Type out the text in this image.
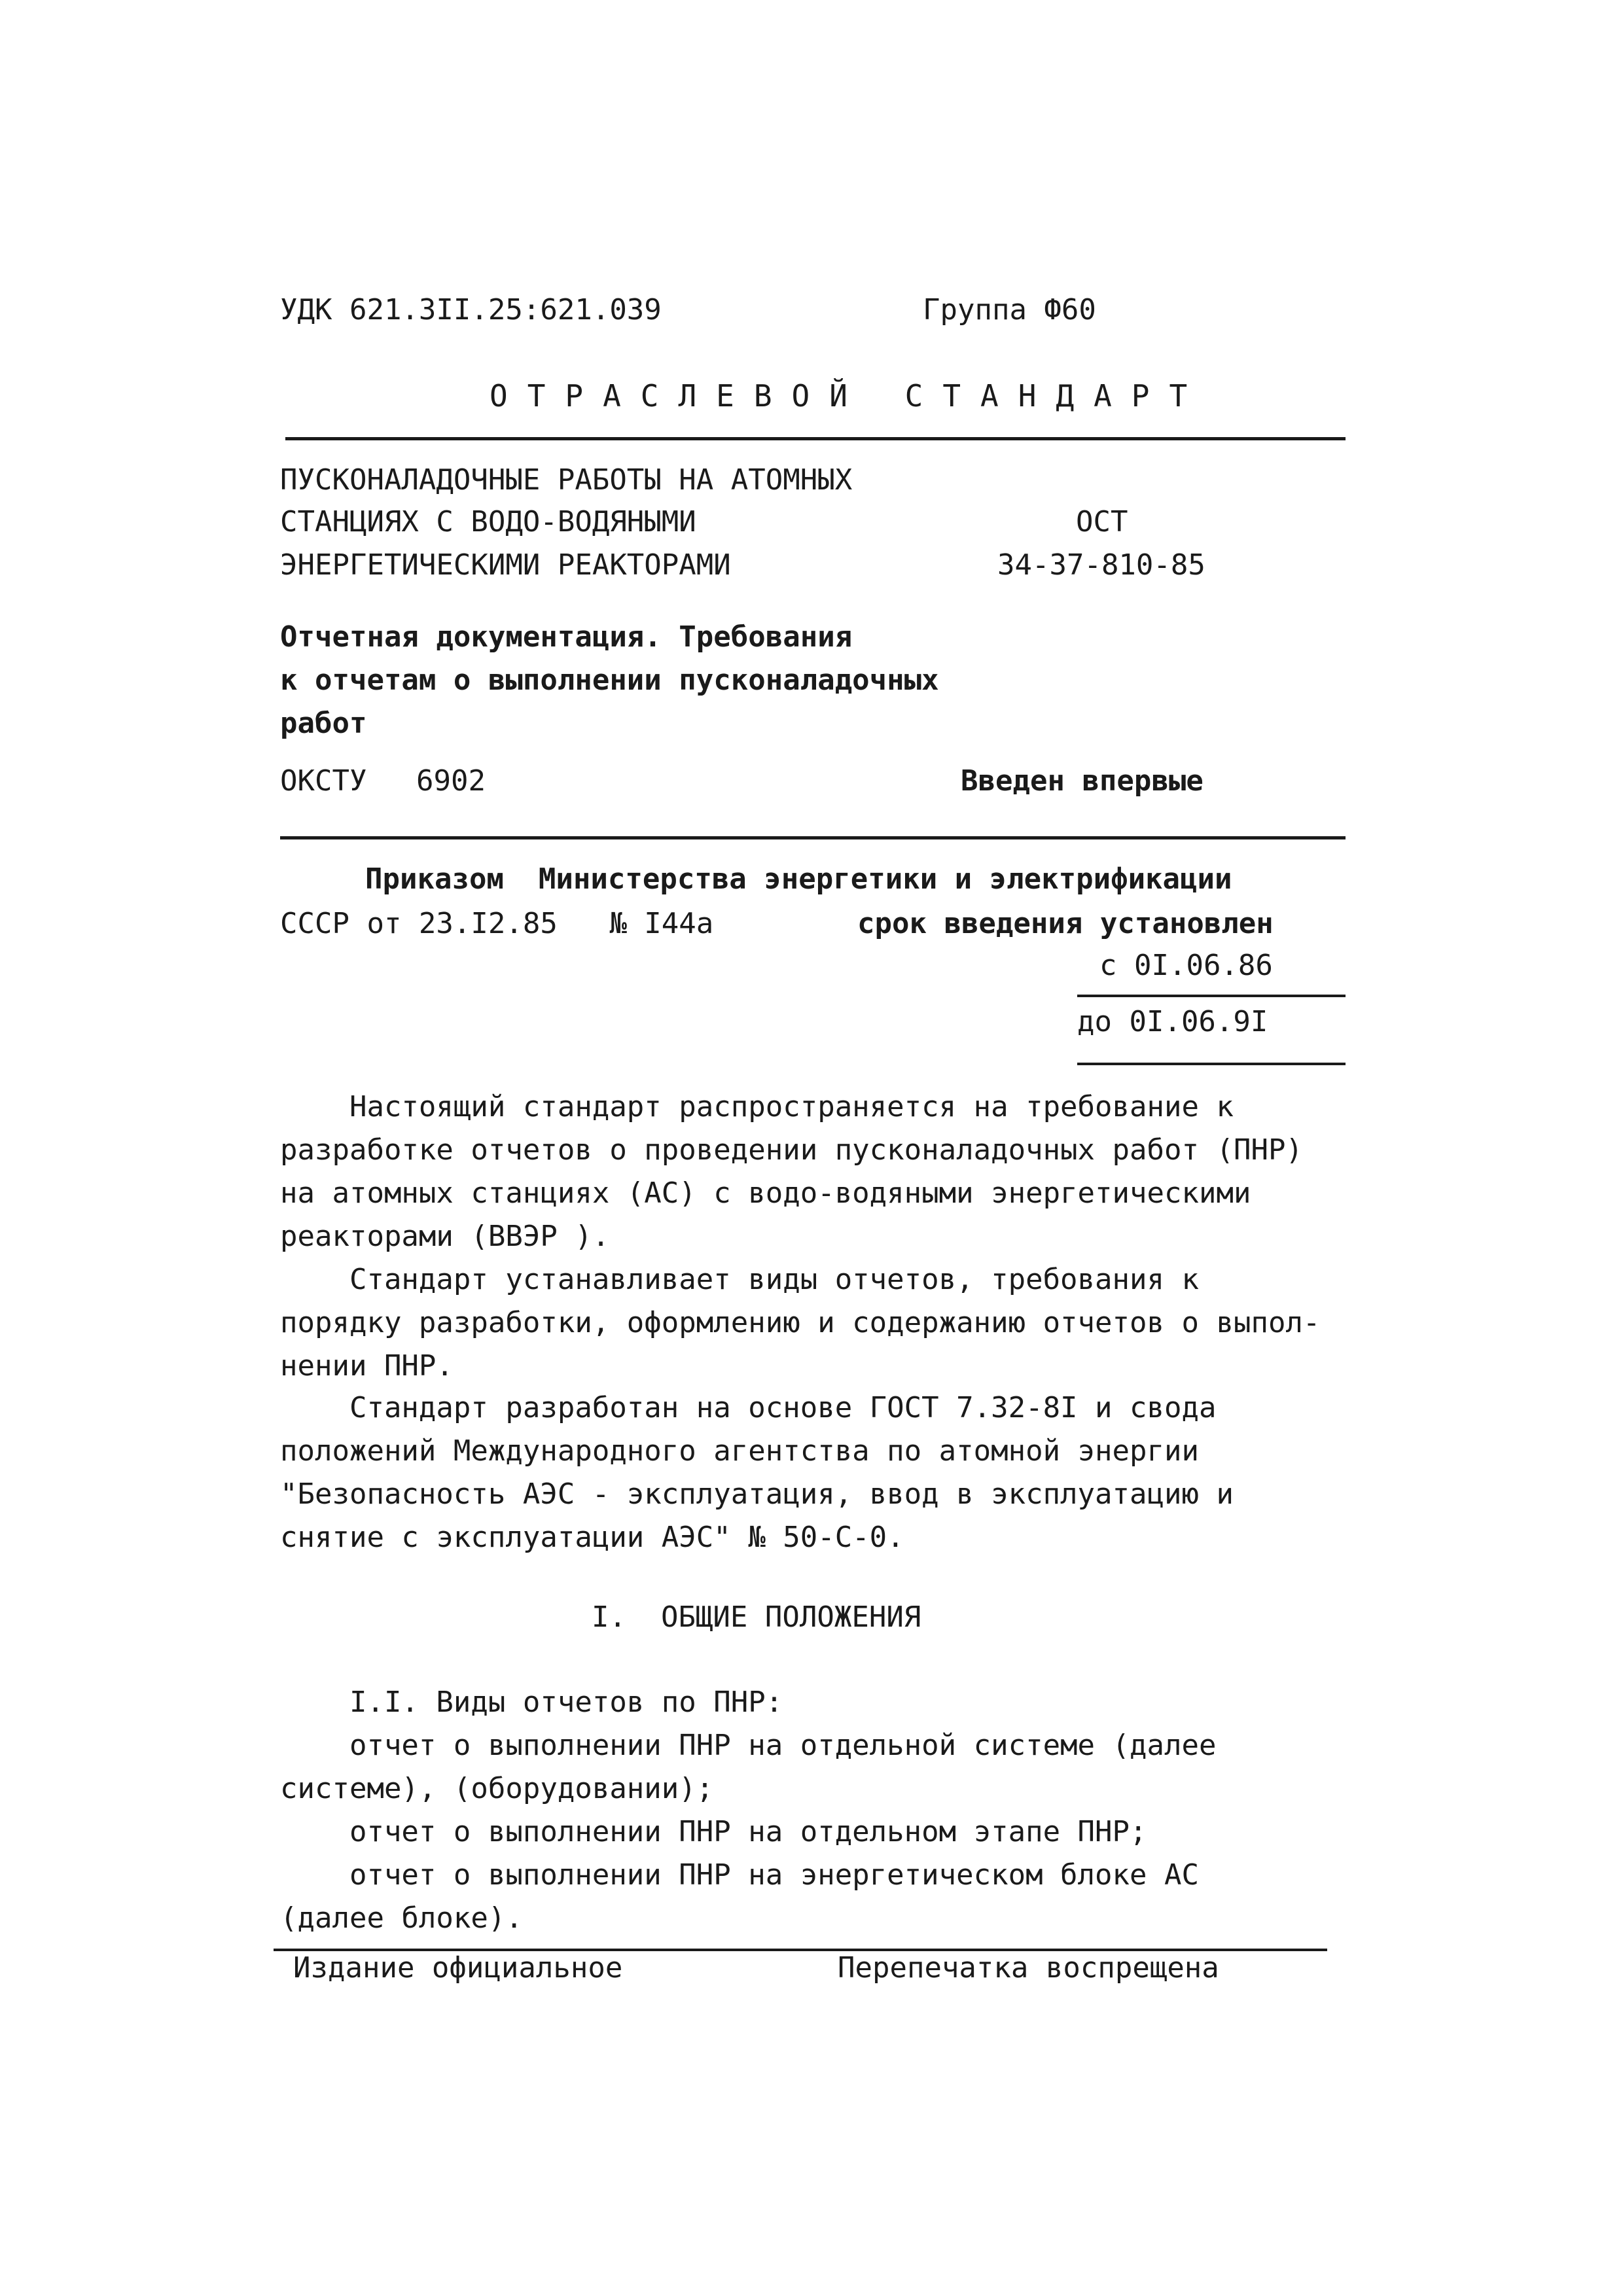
УДК 621.3II.25:621.039	Группа Ф60
ОТРАСЛЕВОЙ СТАНДАРТ
ПУСКОНАЛАДОЧНЫЕ РАБОТЫ НА АТОМНЫХ
СТАНЦИЯХ С ВОДО-ВОДЯНЫМИ
ЭНЕРГЕТИЧЕСКИМИ РЕАКТОРАМИ
ОСТ
34-37-810-85
Отчетная документация. Требования
к отчетам о выполнении пусконаладочных
работ
ОКСТУ 6902	Введен впервые
Приказом  Министерства энергетики и электрификации
СССР от 23.I2.85   № I44а	срок введения установлен
с 0I.06.86
до 0I.06.9I
Настоящий стандарт распространяется на требование к
разработке отчетов о проведении пусконаладочных работ (ПНР)
на атомных станциях (АС) с водо-водяными энергетическими
реакторами (ВВЭР ).
Стандарт устанавливает виды отчетов, требования к
порядку разработки, оформлению и содержанию отчетов о выпол-
нении ПНР.
Стандарт разработан на основе ГОСТ 7.32-8I и свода
положений Международного агентства по атомной энергии
"Безопасность АЭС - эксплуатация, ввод в эксплуатацию и
снятие с эксплуатации АЭС" № 50-С-0.
I.  ОБЩИЕ ПОЛОЖЕНИЯ
I.I. Виды отчетов по ПНР:
отчет о выполнении ПНР на отдельной системе (далее
системе), (оборудовании);
отчет о выполнении ПНР на отдельном этапе ПНР;
отчет о выполнении ПНР на энергетическом блоке АС
(далее блоке).
Издание официальное	Перепечатка воспрещена
